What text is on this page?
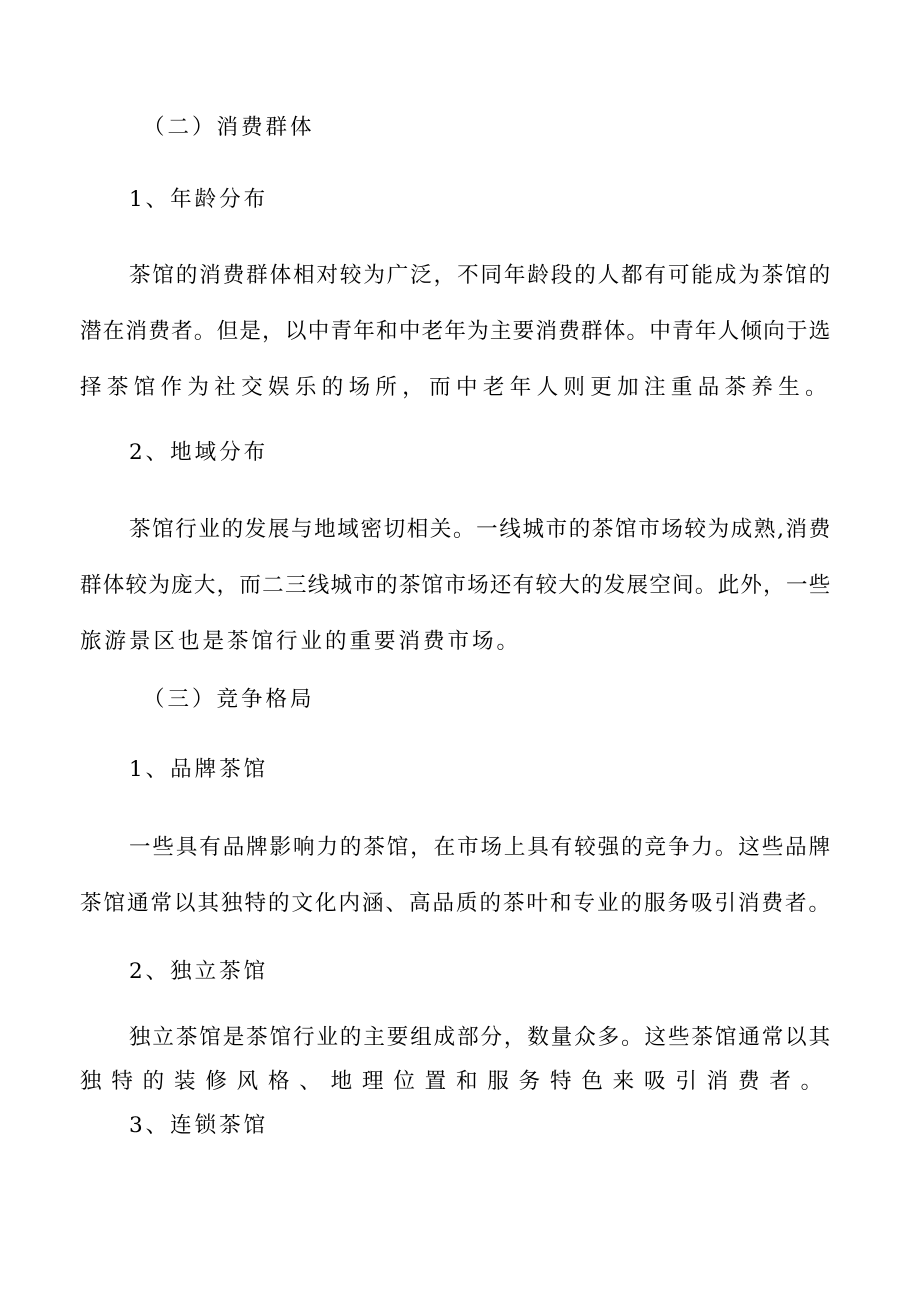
（二）消费群体
1、年龄分布
茶馆的消费群体相对较为广泛，不同年龄段的人都有可能成为茶馆的
潜在消费者。但是，以中青年和中老年为主要消费群体。中青年人倾向于选
择茶馆作为社交娱乐的场所，而中老年人则更加注重品茶养生。
2、地域分布
茶馆行业的发展与地域密切相关。一线城市的茶馆市场较为成熟,消费
群体较为庞大，而二三线城市的茶馆市场还有较大的发展空间。此外，一些
旅游景区也是茶馆行业的重要消费市场。
（三）竞争格局
1、品牌茶馆
一些具有品牌影响力的茶馆，在市场上具有较强的竞争力。这些品牌
茶馆通常以其独特的文化内涵、高品质的茶叶和专业的服务吸引消费者。
2、独立茶馆
独立茶馆是茶馆行业的主要组成部分，数量众多。这些茶馆通常以其
独特的装修风格、地理位置和服务特色来吸引消费者。
3、连锁茶馆
